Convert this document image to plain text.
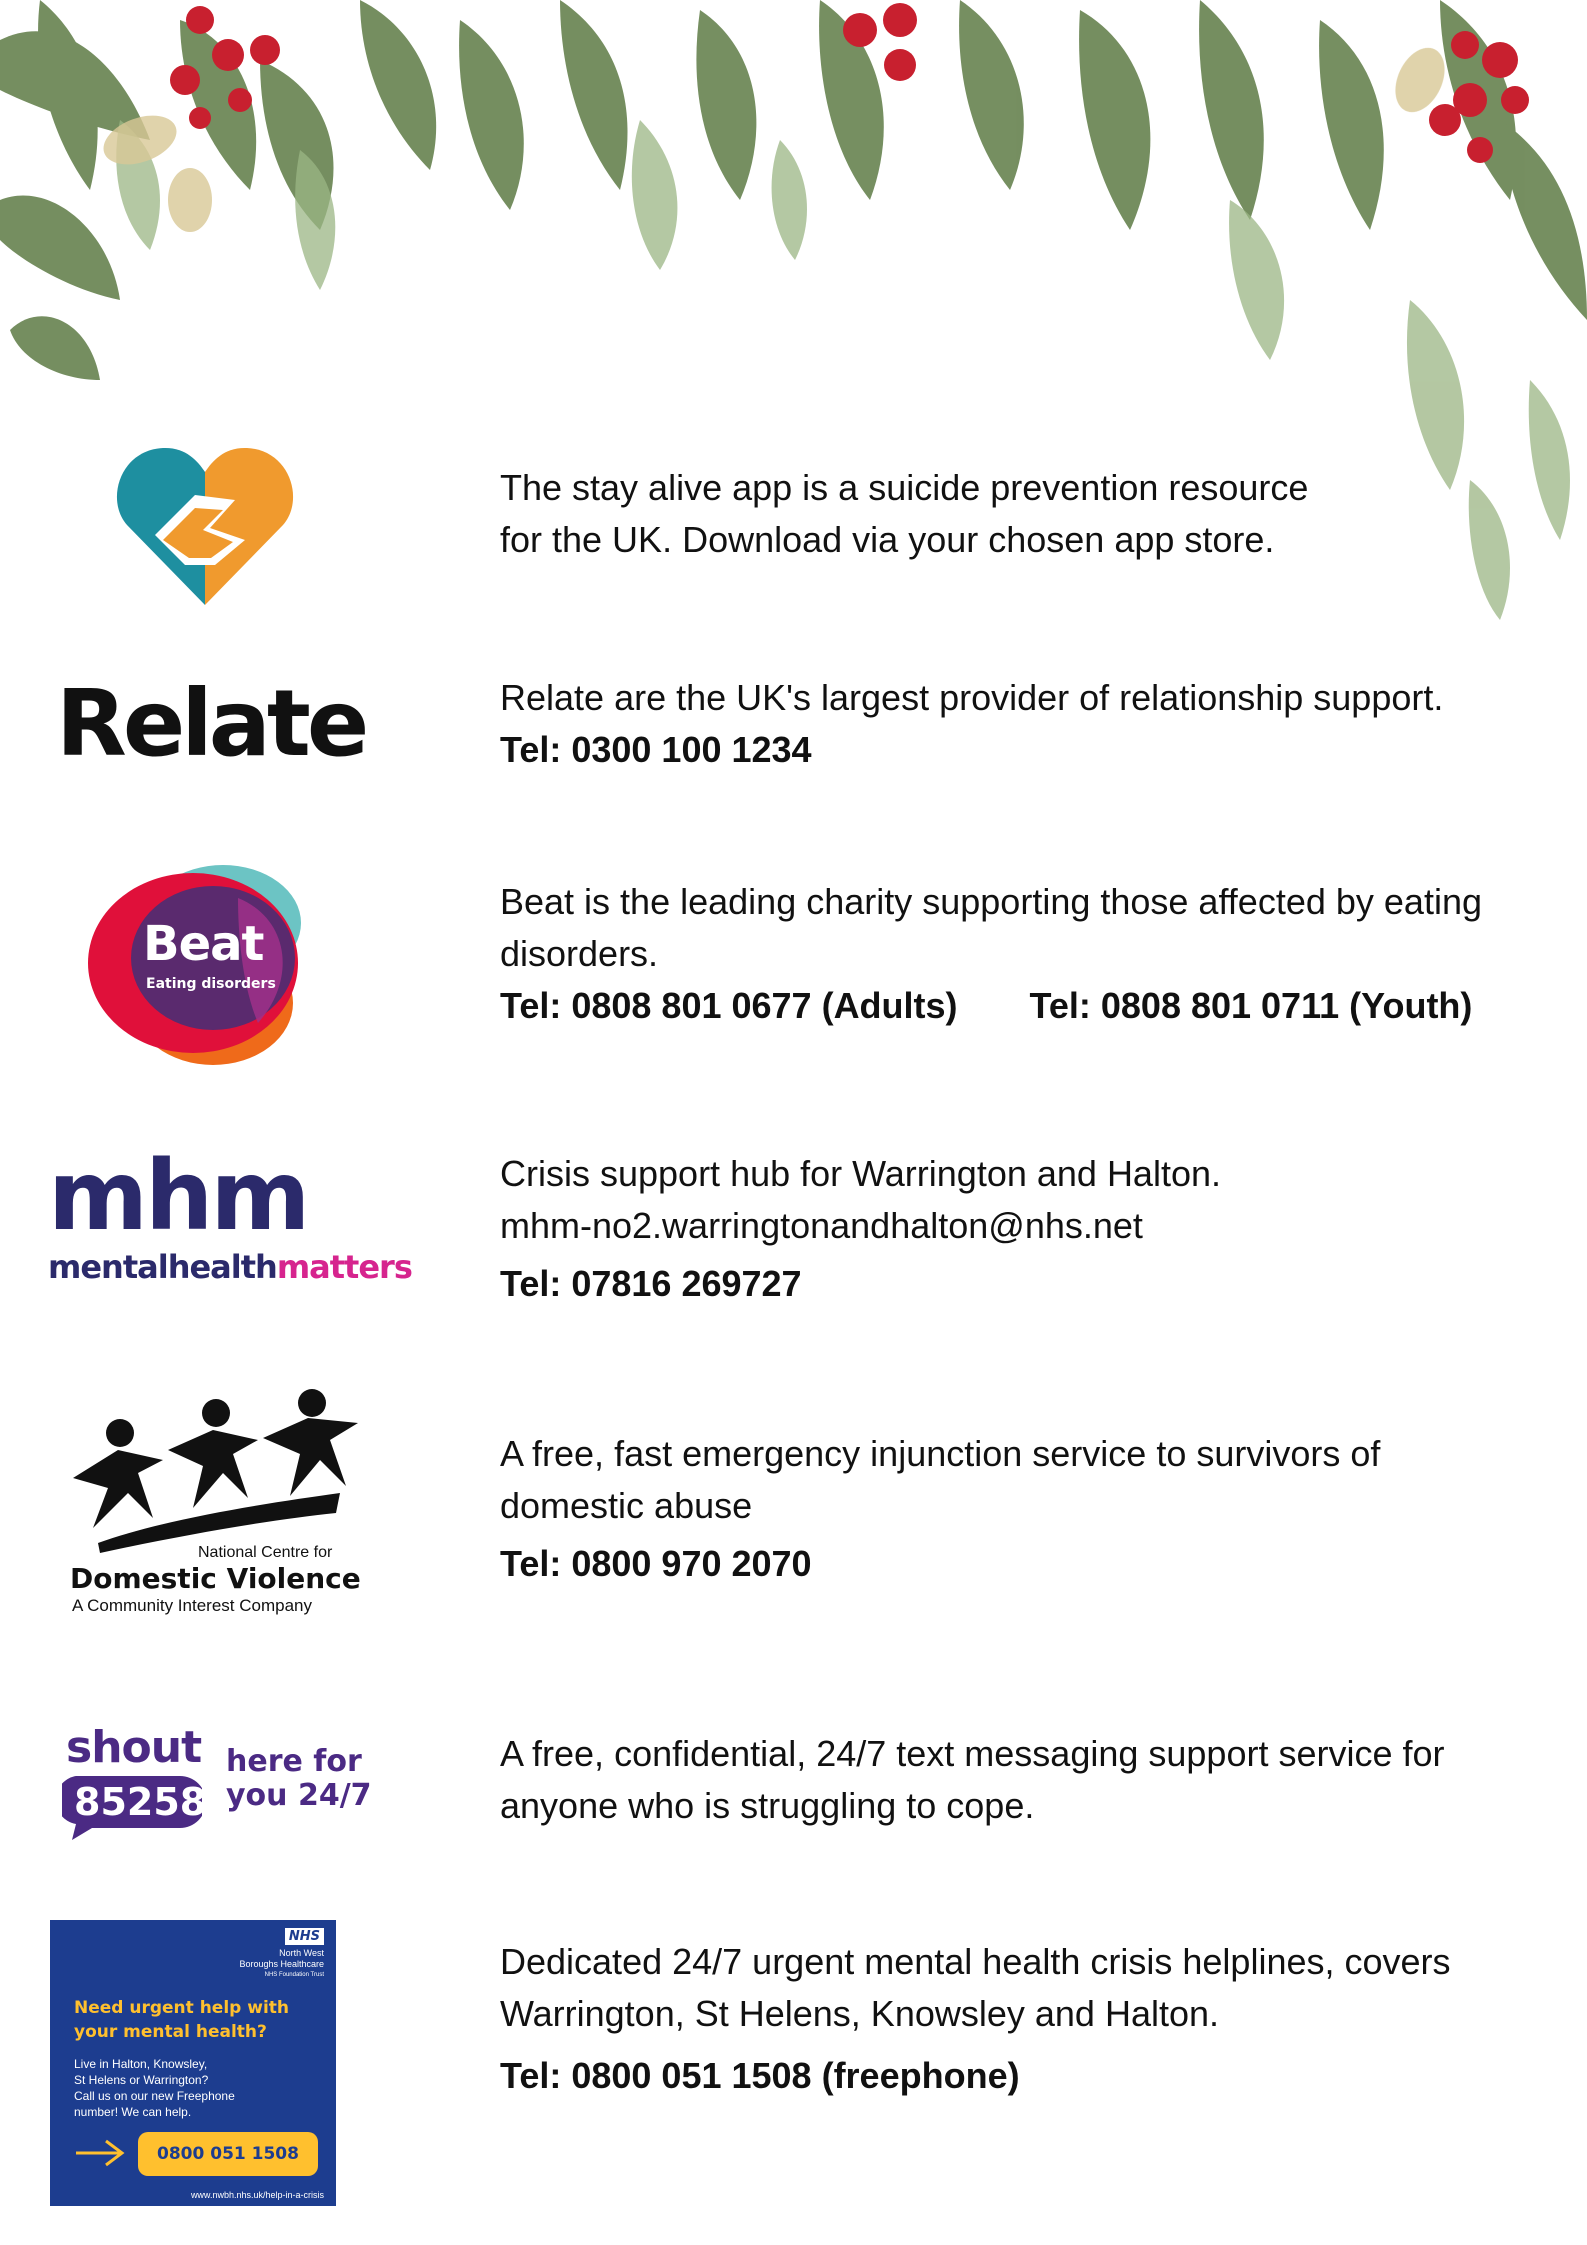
The stay alive app is a suicide prevention resource

for the UK. Download via your chosen app store.

Relate	Relate are the UK's largest provider of relationship support.

Tel: 0300 100 1234

Beat
Eating disorders

Beat is the leading charity supporting those affected by eating

disorders.

Tel: 0808 801 0677 (Adults) Tel: 0808 801 0711 (Youth)

mhm
mentalhealthmatters

Crisis support hub for Warrington and Halton.

mhm-no2.warringtonandhalton@nhs.net

Tel: 07816 269727

National Centre for
Domestic Violence
A Community Interest Company

A free, fast emergency injunction service to survivors of

domestic abuse

Tel: 0800 970 2070

shout
85258
here for
you 24/7

A free, confidential, 24/7 text messaging support service for

anyone who is struggling to cope.

NHS
North West
Boroughs Healthcare
NHS Foundation Trust
Need urgent help with
your mental health?
Live in Halton, Knowsley,
St Helens or Warrington?
Call us on our new Freephone
number! We can help.
0800 051 1508
www.nwbh.nhs.uk/help-in-a-crisis

Dedicated 24/7 urgent mental health crisis helplines, covers

Warrington, St Helens, Knowsley and Halton.

Tel: 0800 051 1508 (freephone)
